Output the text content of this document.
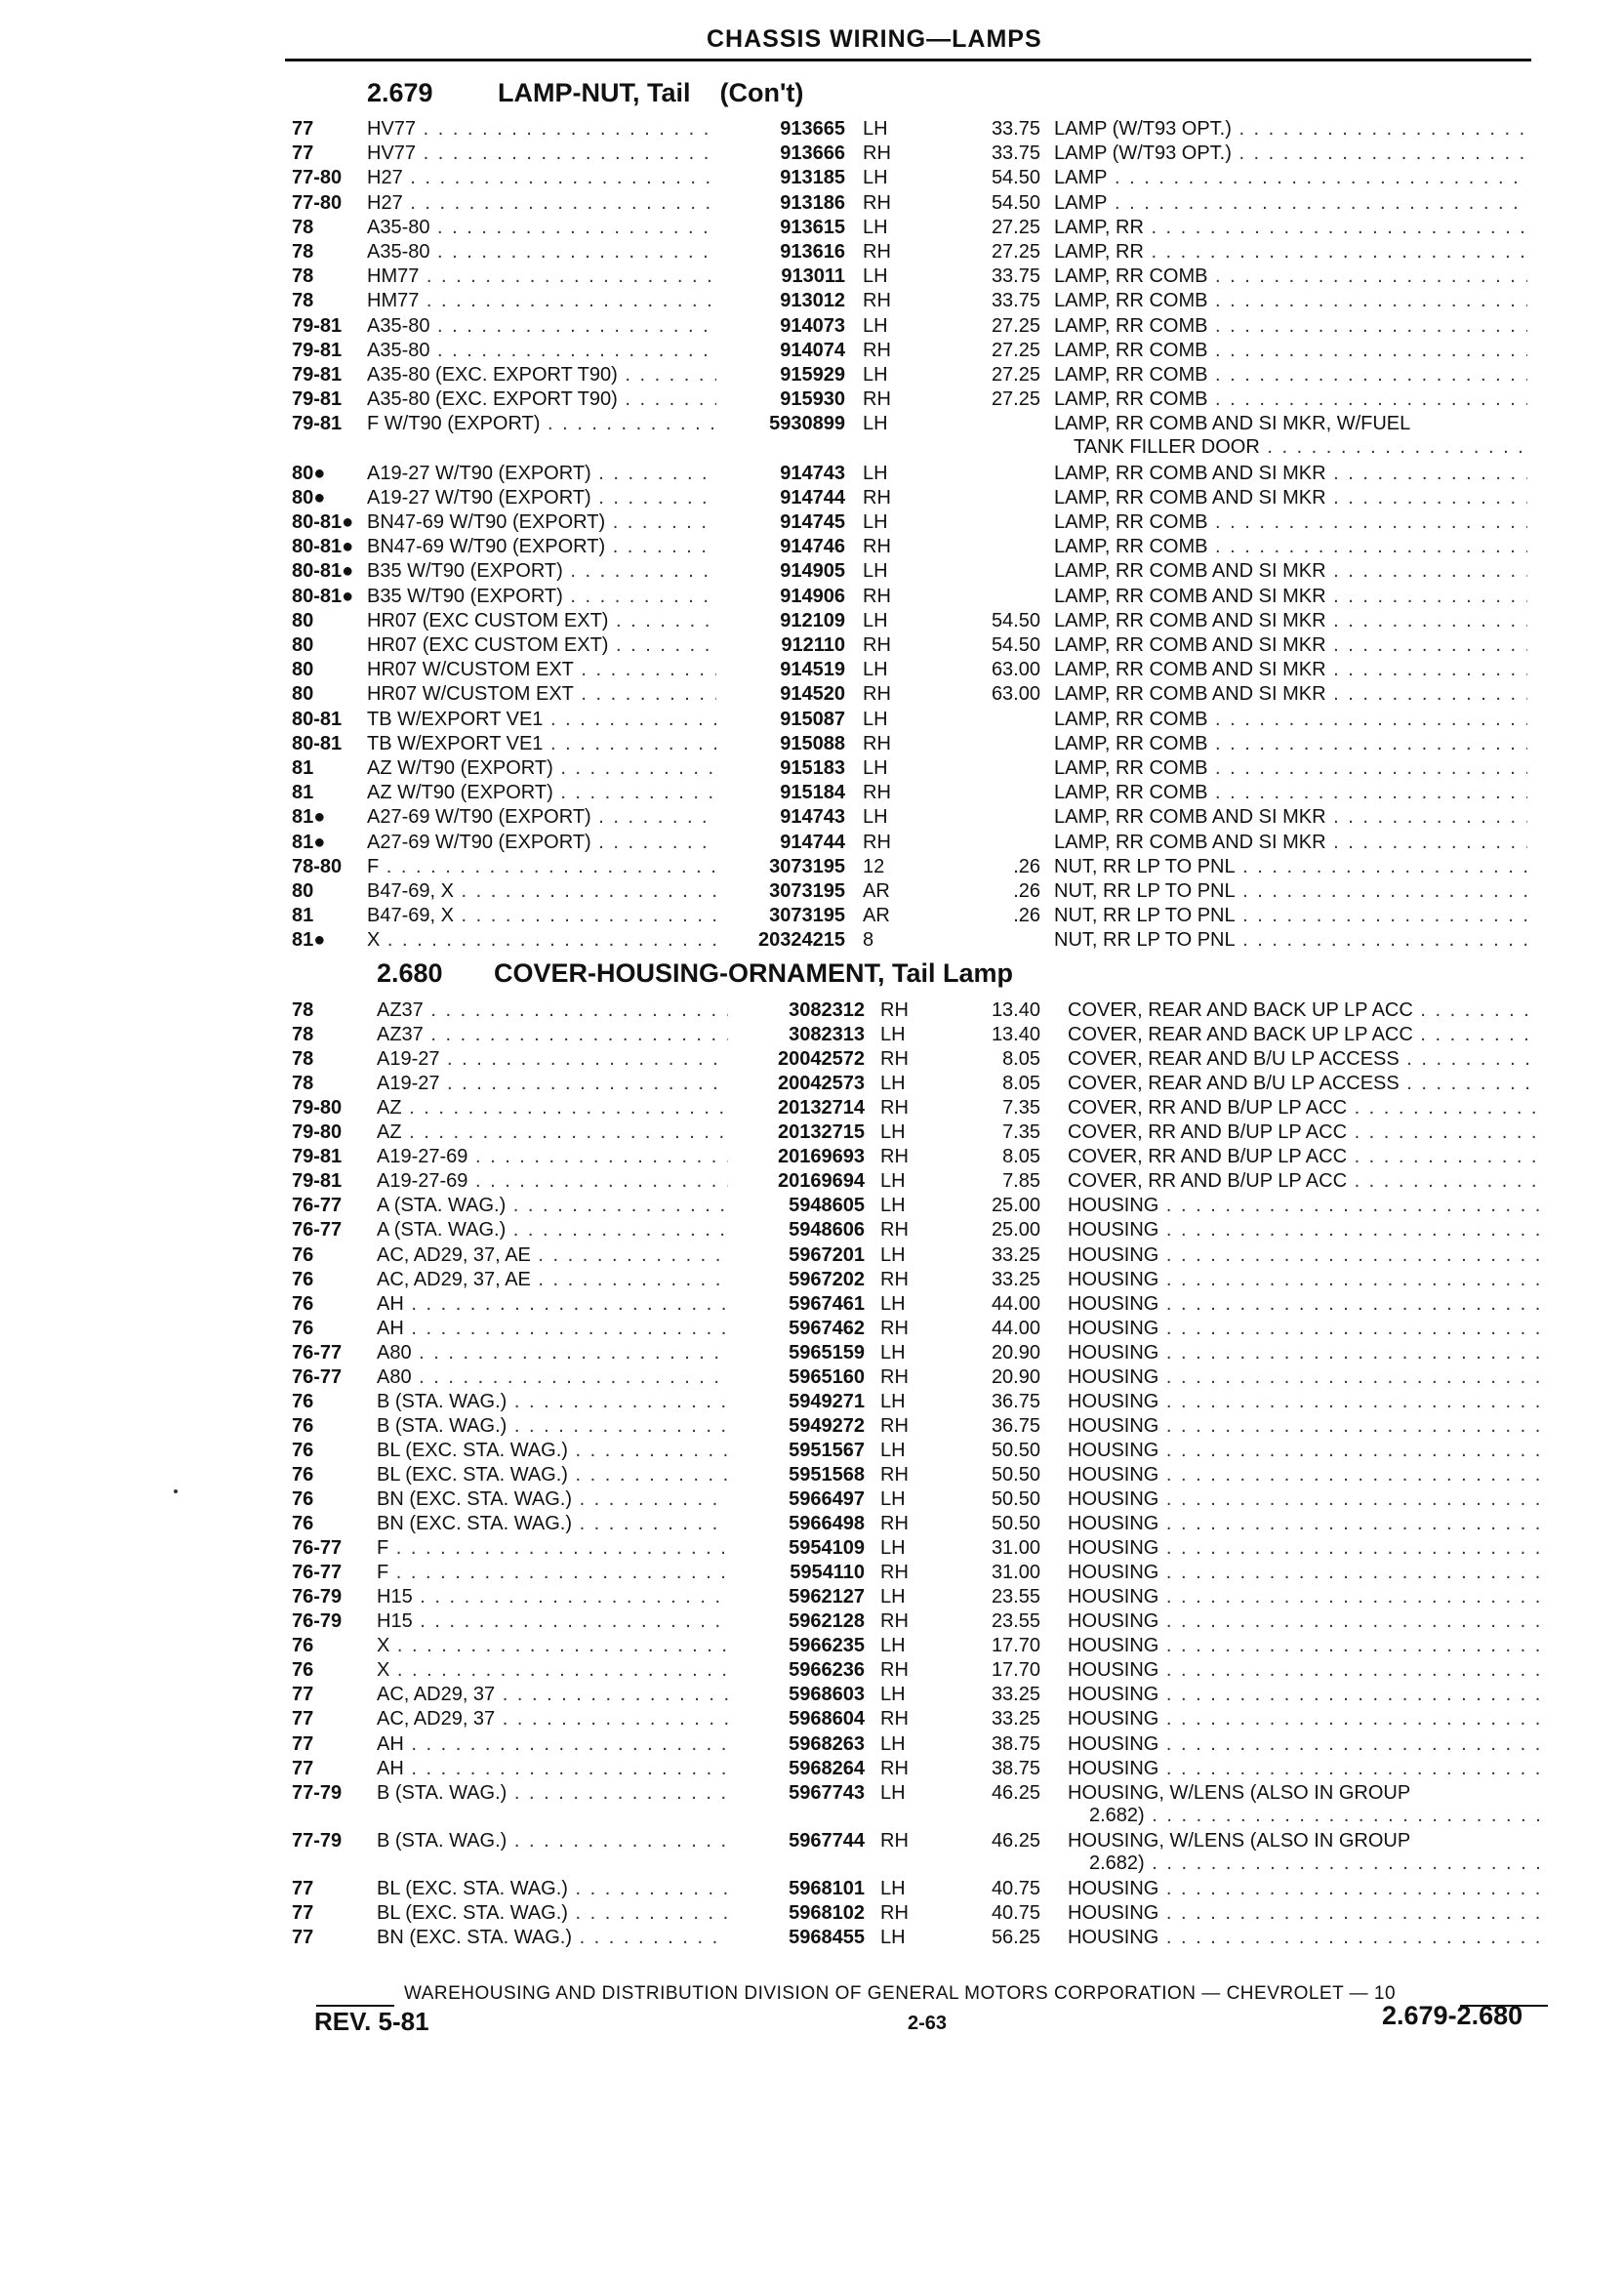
CHASSIS WIRING—LAMPS
2.679 LAMP-NUT, Tail (Con't)
77	HV77 . . .	913665 LH	33.75 LAMP (W/T93 OPT.) . . .
77	HV77 . . .	913666 RH	33.75 LAMP (W/T93 OPT.) . . .
77-80 H27 . . .	913185 LH	54.50 LAMP . . .
77-80 H27 . . .	913186 RH	54.50 LAMP . . .
78	A35-80 . . .	913615 LH	27.25 LAMP, RR . . .
78	A35-80 . . .	913616 RH	27.25 LAMP, RR . . .
78	HM77 . . .	913011 LH	33.75 LAMP, RR COMB . . .
78	HM77 . . .	913012 RH	33.75 LAMP, RR COMB . . .
79-81 A35-80 . . .	914073 LH	27.25 LAMP, RR COMB . . .
79-81 A35-80 . . .	914074 RH	27.25 LAMP, RR COMB . . .
79-81 A35-80 (EXC. EXPORT T90) . . .	915929 LH	27.25 LAMP, RR COMB . . .
79-81 A35-80 (EXC. EXPORT T90) . . .	915930 RH	27.25 LAMP, RR COMB . . .
79-81 F W/T90 (EXPORT) . . .	5930899 LH	LAMP, RR COMB AND SI MKR, W/FUEL
TANK FILLER DOOR . . .
80● A19-27 W/T90 (EXPORT) . . .	914743 LH	LAMP, RR COMB AND SI MKR . . .
80● A19-27 W/T90 (EXPORT) . . .	914744 RH	LAMP, RR COMB AND SI MKR . . .
80-81● BN47-69 W/T90 (EXPORT) . . .	914745 LH	LAMP, RR COMB . . .
80-81● BN47-69 W/T90 (EXPORT) . . .	914746 RH	LAMP, RR COMB . . .
80-81● B35 W/T90 (EXPORT) . . .	914905 LH	LAMP, RR COMB AND SI MKR . . .
80-81● B35 W/T90 (EXPORT) . . .	914906 RH	LAMP, RR COMB AND SI MKR . . .
80	HR07 (EXC CUSTOM EXT) . . .	912109 LH	54.50 LAMP, RR COMB AND SI MKR . . .
80	HR07 (EXC CUSTOM EXT) . . .	912110 RH	54.50 LAMP, RR COMB AND SI MKR . . .
80	HR07 W/CUSTOM EXT . . .	914519 LH	63.00 LAMP, RR COMB AND SI MKR . . .
80	HR07 W/CUSTOM EXT . . .	914520 RH	63.00 LAMP, RR COMB AND SI MKR . . .
80-81 TB W/EXPORT VE1 . . .	915087 LH	LAMP, RR COMB . . .
80-81 TB W/EXPORT VE1 . . .	915088 RH	LAMP, RR COMB . . .
81	AZ W/T90 (EXPORT) . . .	915183 LH	LAMP, RR COMB . . .
81	AZ W/T90 (EXPORT) . . .	915184 RH	LAMP, RR COMB . . .
81● A27-69 W/T90 (EXPORT) . . .	914743 LH	LAMP, RR COMB AND SI MKR . . .
81● A27-69 W/T90 (EXPORT) . . .	914744 RH	LAMP, RR COMB AND SI MKR . . .
78-80 F . . .	3073195 12	.26 NUT, RR LP TO PNL . . .
80	B47-69, X . . .	3073195 AR	.26 NUT, RR LP TO PNL . . .
81	B47-69, X . . .	3073195 AR	.26 NUT, RR LP TO PNL . . .
81● X . . .	20324215 8	NUT, RR LP TO PNL . . .
2.680 COVER-HOUSING-ORNAMENT, Tail Lamp
78	AZ37 . . .	3082312 RH	13.40 COVER, REAR AND BACK UP LP ACC . . .
78	AZ37 . . .	3082313 LH	13.40 COVER, REAR AND BACK UP LP ACC . . .
78	A19-27 . . .	20042572 RH	8.05 COVER, REAR AND B/U LP ACCESS . . .
78	A19-27 . . .	20042573 LH	8.05 COVER, REAR AND B/U LP ACCESS . . .
79-80 AZ . . .	20132714 RH	7.35 COVER, RR AND B/UP LP ACC . . .
79-80 AZ . . .	20132715 LH	7.35 COVER, RR AND B/UP LP ACC . . .
79-81 A19-27-69 . . .	20169693 RH	8.05 COVER, RR AND B/UP LP ACC . . .
79-81 A19-27-69 . . .	20169694 LH	7.85 COVER, RR AND B/UP LP ACC . . .
76-77 A (STA. WAG.) . . .	5948605 LH	25.00 HOUSING . . .
76-77 A (STA. WAG.) . . .	5948606 RH	25.00 HOUSING . . .
76	AC, AD29, 37, AE . . .	5967201 LH	33.25 HOUSING . . .
76	AC, AD29, 37, AE . . .	5967202 RH	33.25 HOUSING . . .
76	AH . . .	5967461 LH	44.00 HOUSING . . .
76	AH . . .	5967462 RH	44.00 HOUSING . . .
76-77 A80 . . .	5965159 LH	20.90 HOUSING . . .
76-77 A80 . . .	5965160 RH	20.90 HOUSING . . .
76	B (STA. WAG.) . . .	5949271 LH	36.75 HOUSING . . .
76	B (STA. WAG.) . . .	5949272 RH	36.75 HOUSING . . .
76	BL (EXC. STA. WAG.) . . .	5951567 LH	50.50 HOUSING . . .
76	BL (EXC. STA. WAG.) . . .	5951568 RH	50.50 HOUSING . . .
76	BN (EXC. STA. WAG.) . . .	5966497 LH	50.50 HOUSING . . .
76	BN (EXC. STA. WAG.) . . .	5966498 RH	50.50 HOUSING . . .
76-77 F . . .	5954109 LH	31.00 HOUSING . . .
76-77 F . . .	5954110 RH	31.00 HOUSING . . .
76-79 H15 . . .	5962127 LH	23.55 HOUSING . . .
76-79 H15 . . .	5962128 RH	23.55 HOUSING . . .
76	X . . .	5966235 LH	17.70 HOUSING . . .
76	X . . .	5966236 RH	17.70 HOUSING . . .
77	AC, AD29, 37 . . .	5968603 LH	33.25 HOUSING . . .
77	AC, AD29, 37 . . .	5968604 RH	33.25 HOUSING . . .
77	AH . . .	5968263 LH	38.75 HOUSING . . .
77	AH . . .	5968264 RH	38.75 HOUSING . . .
77-79 B (STA. WAG.) . . .	5967743 LH	46.25 HOUSING, W/LENS (ALSO IN GROUP
2.682) . . .
77-79 B (STA. WAG.) . . .	5967744 RH	46.25 HOUSING, W/LENS (ALSO IN GROUP
2.682) . . .
77	BL (EXC. STA. WAG.) . . .	5968101 LH	40.75 HOUSING . . .
77	BL (EXC. STA. WAG.) . . .	5968102 RH	40.75 HOUSING . . .
77	BN (EXC. STA. WAG.) . . .	5968455 LH	56.25 HOUSING . . .
WAREHOUSING AND DISTRIBUTION DIVISION OF GENERAL MOTORS CORPORATION — CHEVROLET — 10
REV. 5-81	2-63	2.679-2.680
